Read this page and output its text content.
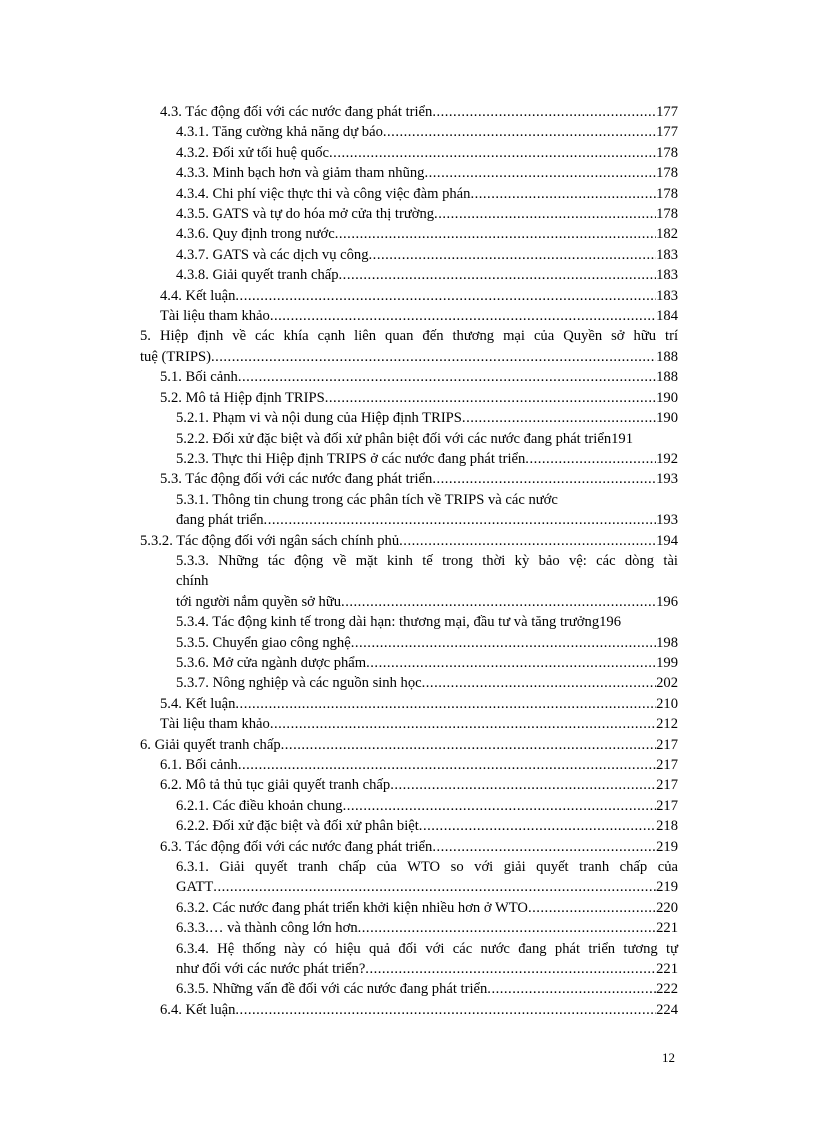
4.3. Tác động đối với các nước đang phát triển .....	177
4.3.1. Tăng cường khả năng dự báo .....	177
4.3.2. Đối xử tối huệ quốc .....	178
4.3.3. Minh bạch hơn và giảm tham nhũng .....	178
4.3.4. Chi phí việc thực thi và công việc đàm phán .....	178
4.3.5. GATS và tự do hóa mở cửa thị trường .....	178
4.3.6. Quy định trong nước .....	182
4.3.7. GATS và các dịch vụ công .....	183
4.3.8. Giải quyết tranh chấp .....	183
4.4. Kết luận .....	183
Tài liệu tham khảo .....	184
5. Hiệp định về các khía cạnh liên quan đến thương mại của Quyền sở hữu trí
tuệ (TRIPS) .....	188
5.1. Bối cảnh .....	188
5.2. Mô tả Hiệp định TRIPS .....	190
5.2.1. Phạm vi và nội dung của Hiệp định TRIPS .....	190
5.2.2. Đối xử đặc biệt và đối xử phân biệt đối với các nước đang phát triển 191
5.2.3. Thực thi Hiệp định TRIPS ở các nước đang phát triển .....	192
5.3. Tác động đối với các nước đang phát triển .....	193
5.3.1. Thông tin chung trong các phân tích về TRIPS và các nước
đang phát triển .....	193
5.3.2. Tác động đối với ngân sách chính phủ .....	194
5.3.3. Những tác động về mặt kinh tế trong thời kỳ bảo vệ: các dòng tài
chính
tới người nắm quyền sở hữu .....	196
5.3.4. Tác động kinh tế trong dài hạn: thương mại, đầu tư và tăng trưởng 196
5.3.5. Chuyển giao công nghệ .....	198
5.3.6. Mở cửa ngành dược phẩm .....	199
5.3.7. Nông nghiệp và các nguồn sinh học .....	202
5.4. Kết luận .....	210
Tài liệu tham khảo .....	212
6. Giải quyết tranh chấp .....	217
6.1. Bối cảnh .....	217
6.2. Mô tả thủ tục giải quyết tranh chấp .....	217
6.2.1. Các điều khoản chung .....	217
6.2.2. Đối xử đặc biệt và đối xử phân biệt .....	218
6.3. Tác động đối với các nước đang phát triển .....	219
6.3.1. Giải quyết tranh chấp của WTO so với giải quyết tranh chấp của
GATT .....	219
6.3.2. Các nước đang phát triển khởi kiện nhiều hơn ở WTO .....	220
6.3.3.… và thành công lớn hơn .....	221
6.3.4. Hệ thống này có hiệu quả đối với các nước đang phát triển tương tự
như đối với các nước phát triển? .....	221
6.3.5. Những vấn đề đối với các nước đang phát triển .....	222
6.4. Kết luận .....	224
12
